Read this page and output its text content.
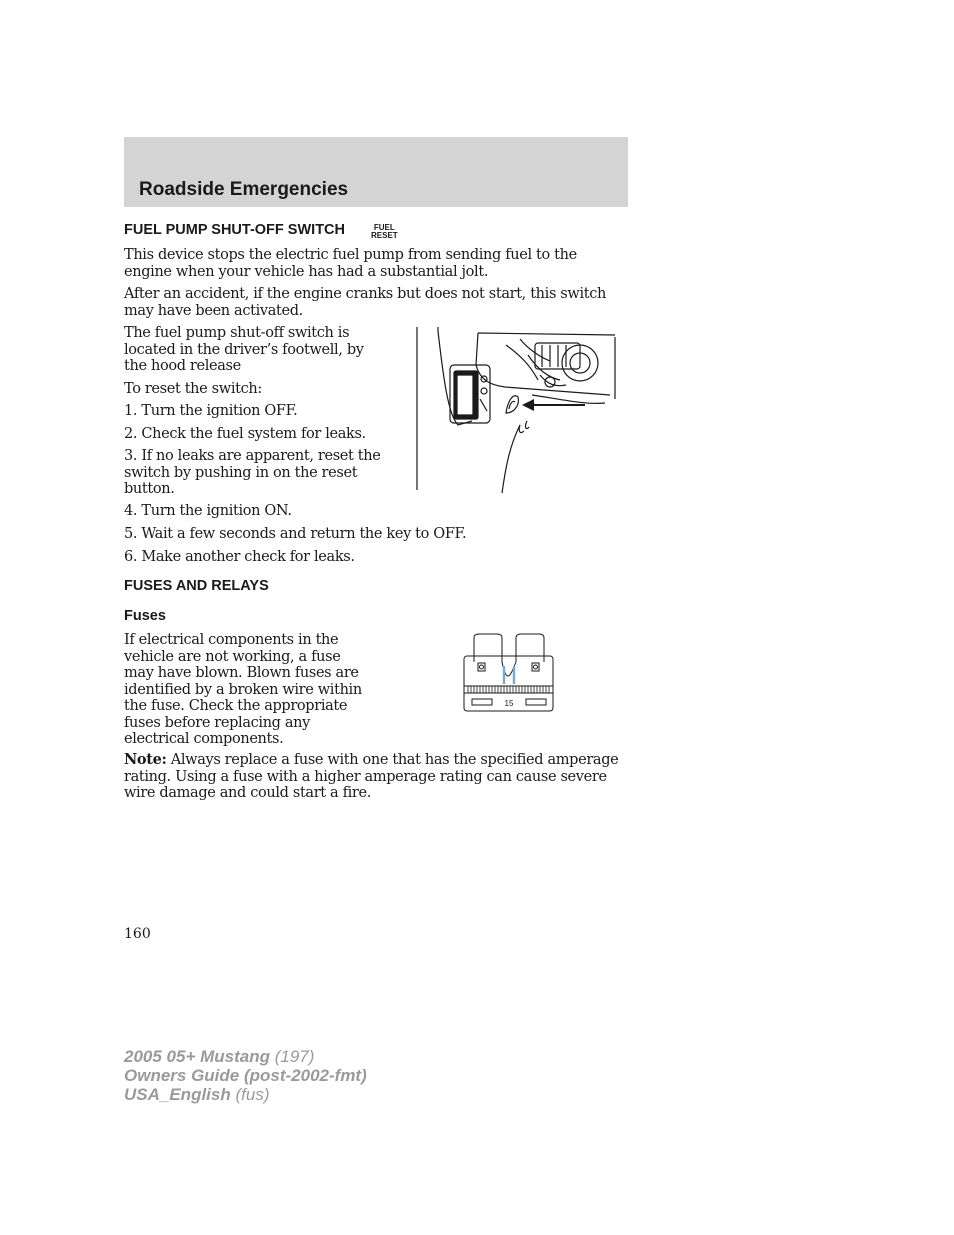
Roadside Emergencies
FUEL PUMP SHUT-OFF SWITCH	FUEL
RESET

This device stops the electric fuel pump from sending fuel to the engine when your vehicle has had a substantial jolt.

After an accident, if the engine cranks but does not start, this switch may have been activated.

The fuel pump shut-off switch is located in the driver’s footwell, by the hood release

To reset the switch:

1. Turn the ignition OFF.

2. Check the fuel system for leaks.

3. If no leaks are apparent, reset the switch by pushing in on the reset button.

4. Turn the ignition ON.

5. Wait a few seconds and return the key to OFF.

6. Make another check for leaks.

FUSES AND RELAYS
Fuses

If electrical components in the vehicle are not working, a fuse may have blown. Blown fuses are identified by a broken wire within the fuse. Check the appropriate fuses before replacing any electrical components.

15

Note: Always replace a fuse with one that has the specified amperage rating. Using a fuse with a higher amperage rating can cause severe wire damage and could start a fire.

160
2005 05+ Mustang (197)
Owners Guide (post-2002-fmt)
USA_English (fus)
